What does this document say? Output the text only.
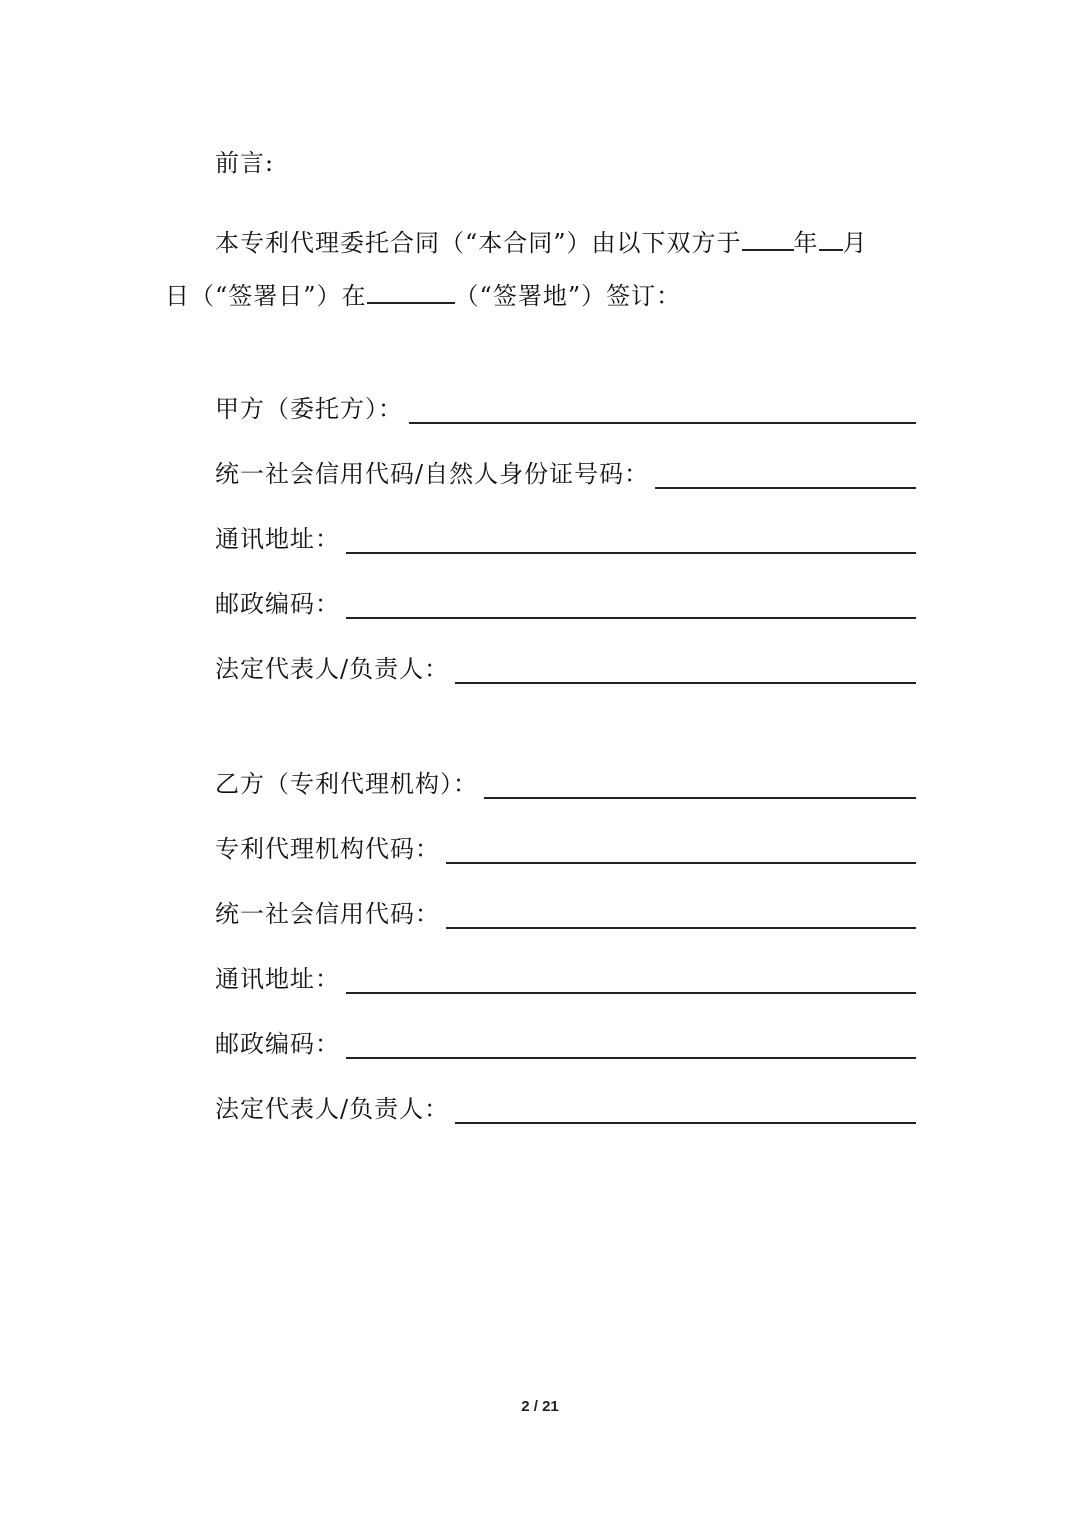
前言:
本专利代理委托合同（“本合同”）由以下双方于 年 月
日（“签署日”）在	（“签署地”）签订：
甲方（委托方）：
统一社会信用代码/自然人身份证号码：
通讯地址：
邮政编码：
法定代表人/负责人：
乙方（专利代理机构）：
专利代理机构代码：
统一社会信用代码：
通讯地址：
邮政编码：
法定代表人/负责人：
2 / 21
